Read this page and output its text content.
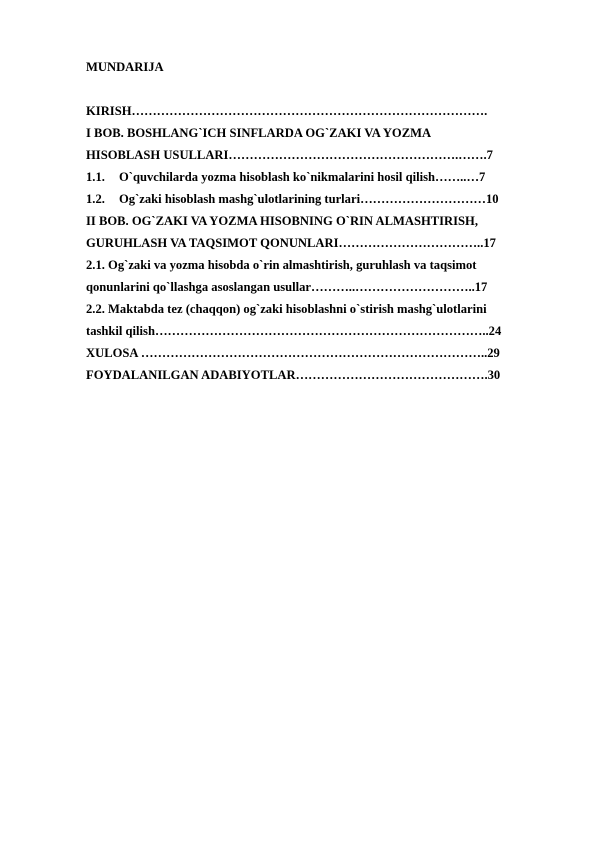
MUNDARIJA
KIRISH………………………………………………………………………….
I BOB. BOSHLANG`ICH SINFLARDA OG`ZAKI VA YOZMA
HISOBLASH USULLARI……………………………………………….…….7
1.1. O`quvchilarda yozma hisoblash ko`nikmalarini hosil qilish……..…7
1.2. Og`zaki hisoblash mashg`ulotlarining turlari…………………………10
II BOB. OG`ZAKI VA YOZMA HISOBNING O`RIN ALMASHTIRISH,
GURUHLASH VA TAQSIMOT QONUNLARI……………………………..17
2.1. Og`zaki va yozma hisobda o`rin almashtirish, guruhlash va taqsimot
qonunlarini qo`llashga asoslangan usullar………..………………………..17
2.2. Maktabda tez (chaqqon) og`zaki hisoblashni o`stirish mashg`ulotlarini
tashkil qilish……………………………………………………………………..24
XULOSA ………………………………………………………………………..29
FOYDALANILGAN ADABIYOTLAR……………………………………….30
